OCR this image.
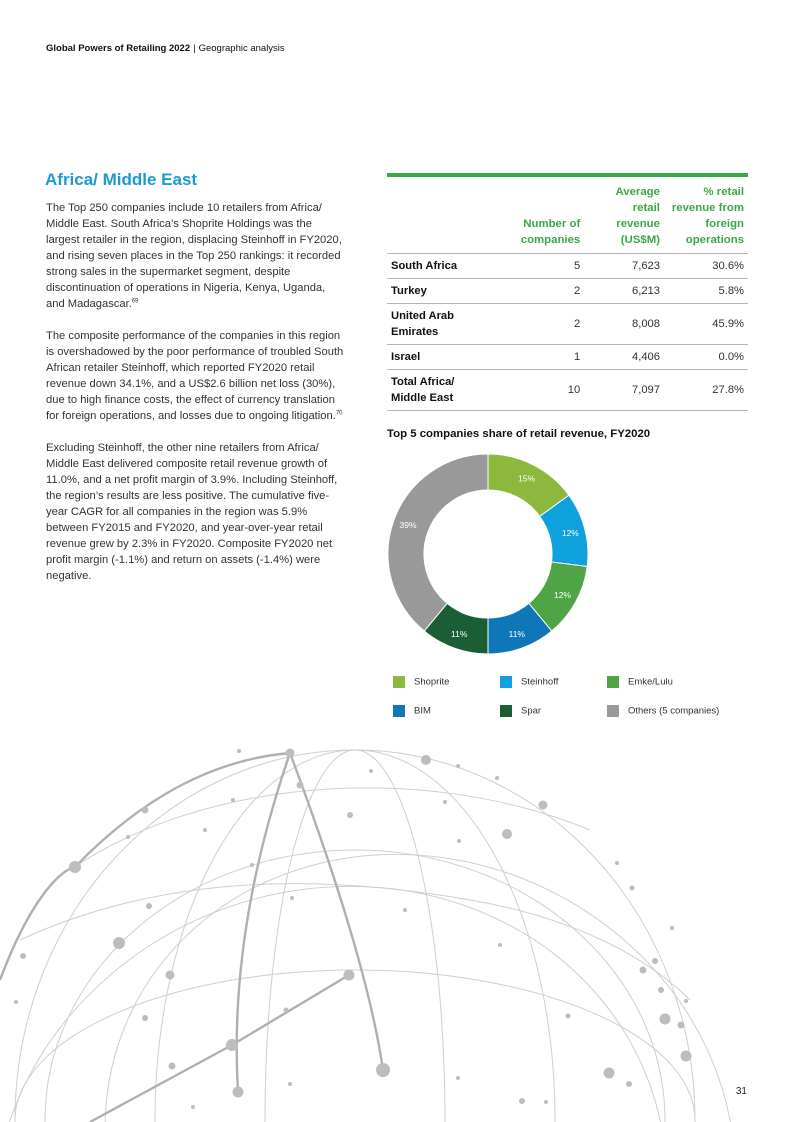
Global Powers of Retailing 2022 | Geographic analysis
Africa/ Middle East

The Top 250 companies include 10 retailers from Africa/ Middle East. South Africa’s Shoprite Holdings was the largest retailer in the region, displacing Steinhoff in FY2020, and rising seven places in the Top 250 rankings: it recorded strong sales in the supermarket segment, despite discontinuation of operations in Nigeria, Kenya, Uganda, and Madagascar.$^{69}$

The composite performance of the companies in this region is overshadowed by the poor performance of troubled South African retailer Steinhoff, which reported FY2020 retail revenue down 34.1%, and a US$2.6 billion net loss (30%), due to high finance costs, the effect of currency translation for foreign operations, and losses due to ongoing litigation.$^{70}$

Excluding Steinhoff, the other nine retailers from Africa/ Middle East delivered composite retail revenue growth of 11.0%, and a net profit margin of 3.9%. Including Steinhoff, the region’s results are less positive. The cumulative five-year CAGR for all companies in the region was 5.9% between FY2015 and FY2020, and year-over-year retail revenue grew by 2.3% in FY2020. Composite FY2020 net profit margin (-1.1%) and return on assets (-1.4%) were negative.

	Number of companies	Average retail revenue (US$M)	% retail revenue from foreign operations

South Africa	5	7,623	30.6%
Turkey	2	6,213	5.8%

United Arab Emirates	2	8,008	45.9%
Israel	1	4,406	0.0%

Total Africa/ Middle East	10	7,097	27.8%
Top 5 companies share of retail revenue, FY2020
15%
12%
12%
11%
11%
39%
Shoprite	Steinhoff	Emke/Lulu
BIM	Spar	Others (5 companies)
31
